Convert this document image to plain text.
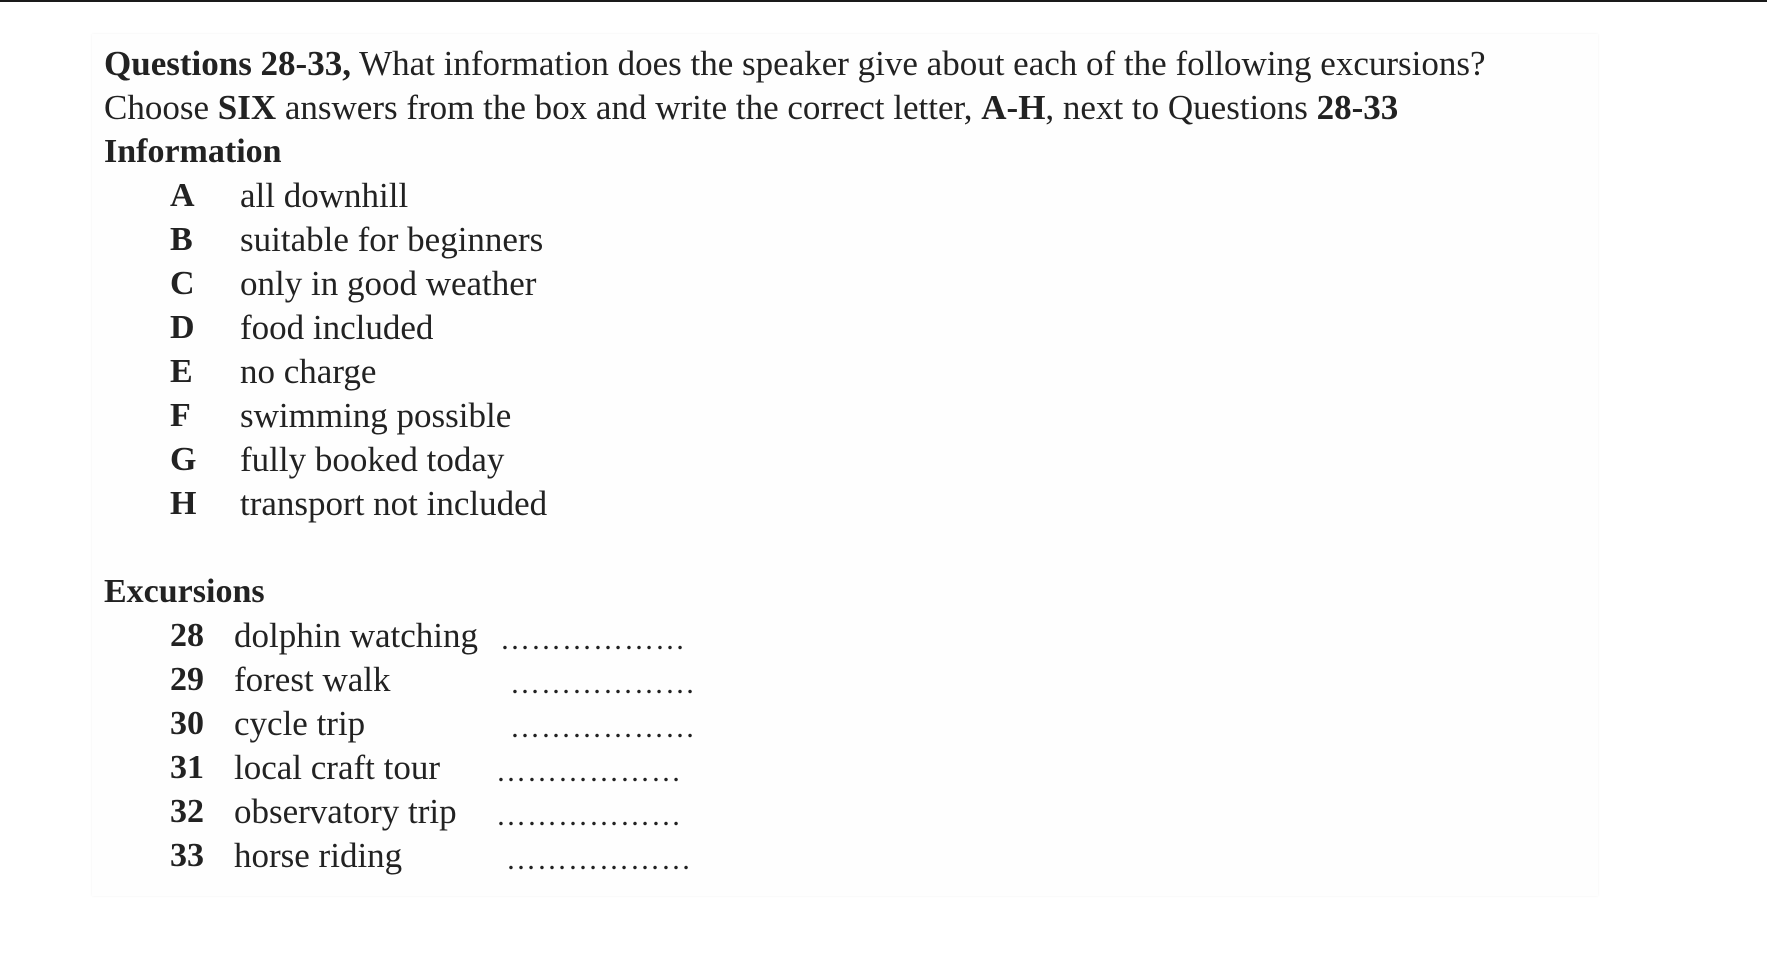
Questions 28-33, What information does the speaker give about each of the following excursions?
Choose SIX answers from the box and write the correct letter, A-H, next to Questions 28-33
Information
A all downhill
B suitable for beginners
C only in good weather
D food included
E no charge
F swimming possible
G fully booked today
H transport not included
Excursions
28 dolphin watching ………………
29 forest walk	………………
30 cycle trip	………………
31 local craft tour ………………
32 observatory trip ………………
33 horse riding	………………
